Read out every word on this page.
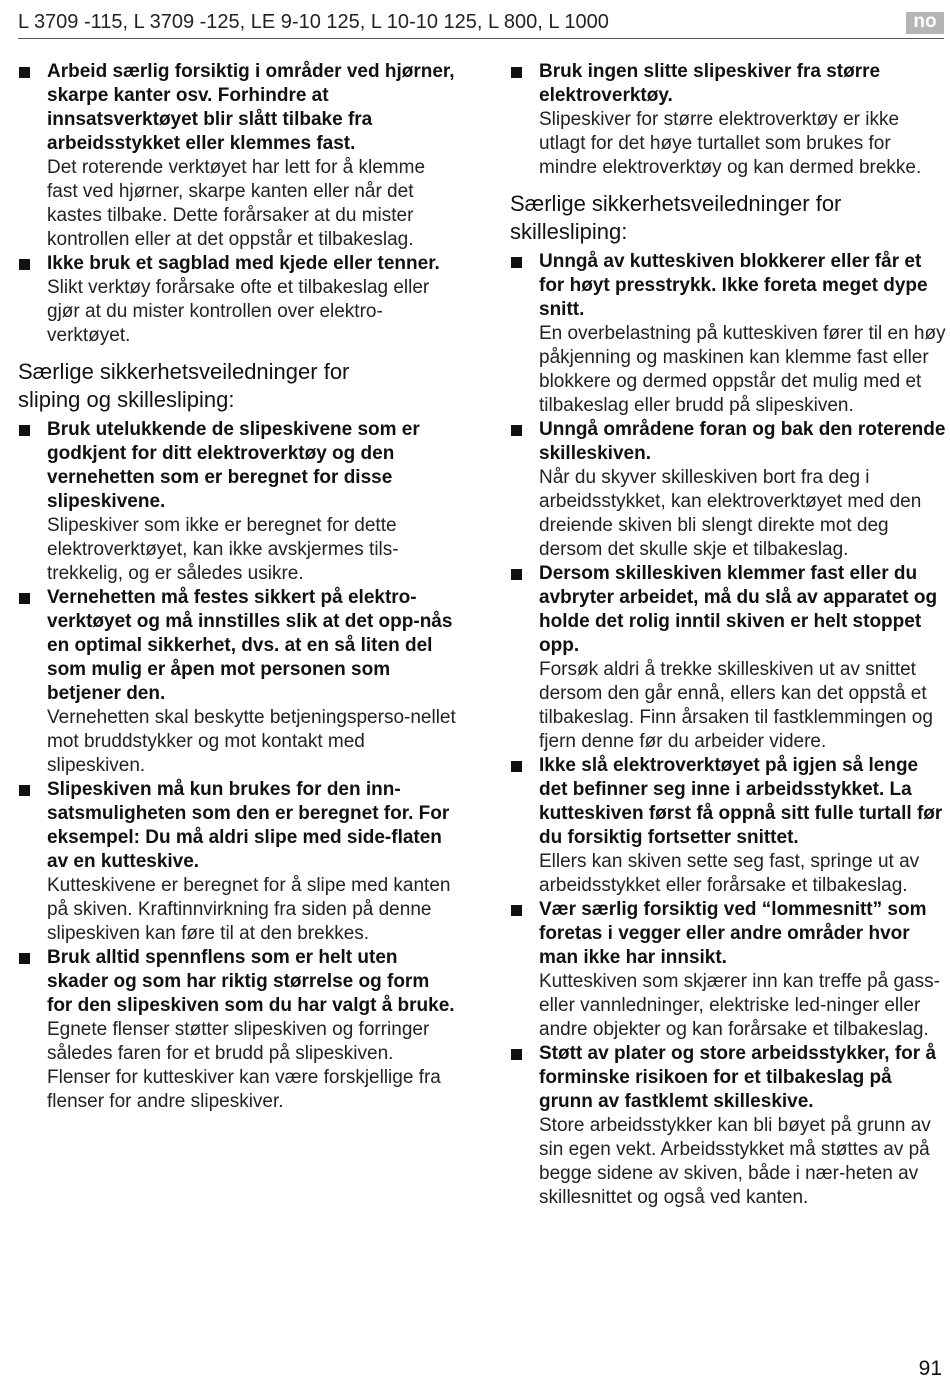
L 3709 -115, L 3709 -125, LE 9-10 125, L 10-10 125, L 800, L 1000	no
Arbeid særlig forsiktig i områder ved hjørner, skarpe kanter osv. Forhindre at innsatsverktøyet blir slått tilbake fra arbeidsstykket eller klemmes fast.
Det roterende verktøyet har lett for å klemme fast ved hjørner, skarpe kanten eller når det kastes tilbake. Dette forårsaker at du mister kontrollen eller at det oppstår et tilbakeslag.
Ikke bruk et sagblad med kjede eller tenner.
Slikt verktøy forårsake ofte et tilbakeslag eller gjør at du mister kontrollen over elektro-verktøyet.
Særlige sikkerhetsveiledninger for sliping og skillesliping:
Bruk utelukkende de slipeskivene som er godkjent for ditt elektroverktøy og den vernehetten som er beregnet for disse slipeskivene.
Slipeskiver som ikke er beregnet for dette elektroverktøyet, kan ikke avskjermes tils-trekkelig, og er således usikre.
Vernehetten må festes sikkert på elektro-verktøyet og må innstilles slik at det opp-nås en optimal sikkerhet, dvs. at en så liten del som mulig er åpen mot personen som betjener den.
Vernehetten skal beskytte betjeningsperso-nellet mot bruddstykker og mot kontakt med slipeskiven.
Slipeskiven må kun brukes for den inn-satsmuligheten som den er beregnet for. For eksempel: Du må aldri slipe med side-flaten av en kutteskive.
Kutteskivene er beregnet for å slipe med kanten på skiven. Kraftinnvirkning fra siden på denne slipeskiven kan føre til at den brekkes.
Bruk alltid spennflens som er helt uten skader og som har riktig størrelse og form for den slipeskiven som du har valgt å bruke.
Egnete flenser støtter slipeskiven og forringer således faren for et brudd på slipeskiven. Flenser for kutteskiver kan være forskjellige fra flenser for andre slipeskiver.
Bruk ingen slitte slipeskiver fra større elektroverktøy.
Slipeskiver for større elektroverktøy er ikke utlagt for det høye turtallet som brukes for mindre elektroverktøy og kan dermed brekke.
Særlige sikkerhetsveiledninger for skillesliping:
Unngå av kutteskiven blokkerer eller får et for høyt presstrykk. Ikke foreta meget dype snitt.
En overbelastning på kutteskiven fører til en høy påkjenning og maskinen kan klemme fast eller blokkere og dermed oppstår det mulig med et tilbakeslag eller brudd på slipeskiven.
Unngå områdene foran og bak den roterende skilleskiven.
Når du skyver skilleskiven bort fra deg i arbeidsstykket, kan elektroverktøyet med den dreiende skiven bli slengt direkte mot deg dersom det skulle skje et tilbakeslag.
Dersom skilleskiven klemmer fast eller du avbryter arbeidet, må du slå av apparatet og holde det rolig inntil skiven er helt stoppet opp.
Forsøk aldri å trekke skilleskiven ut av snittet dersom den går ennå, ellers kan det oppstå et tilbakeslag. Finn årsaken til fastklemmingen og fjern denne før du arbeider videre.
Ikke slå elektroverktøyet på igjen så lenge det befinner seg inne i arbeidsstykket. La kutteskiven først få oppnå sitt fulle turtall før du forsiktig fortsetter snittet.
Ellers kan skiven sette seg fast, springe ut av arbeidsstykket eller forårsake et tilbakeslag.
Vær særlig forsiktig ved “lommesnitt” som foretas i vegger eller andre områder hvor man ikke har innsikt.
Kutteskiven som skjærer inn kan treffe på gass- eller vannledninger, elektriske led-ninger eller andre objekter og kan forårsake et tilbakeslag.
Støtt av plater og store arbeidsstykker, for å forminske risikoen for et tilbakeslag på grunn av fastklemt skilleskive.
Store arbeidsstykker kan bli bøyet på grunn av sin egen vekt. Arbeidsstykket må støttes av på begge sidene av skiven, både i nær-heten av skillesnittet og også ved kanten.
91
